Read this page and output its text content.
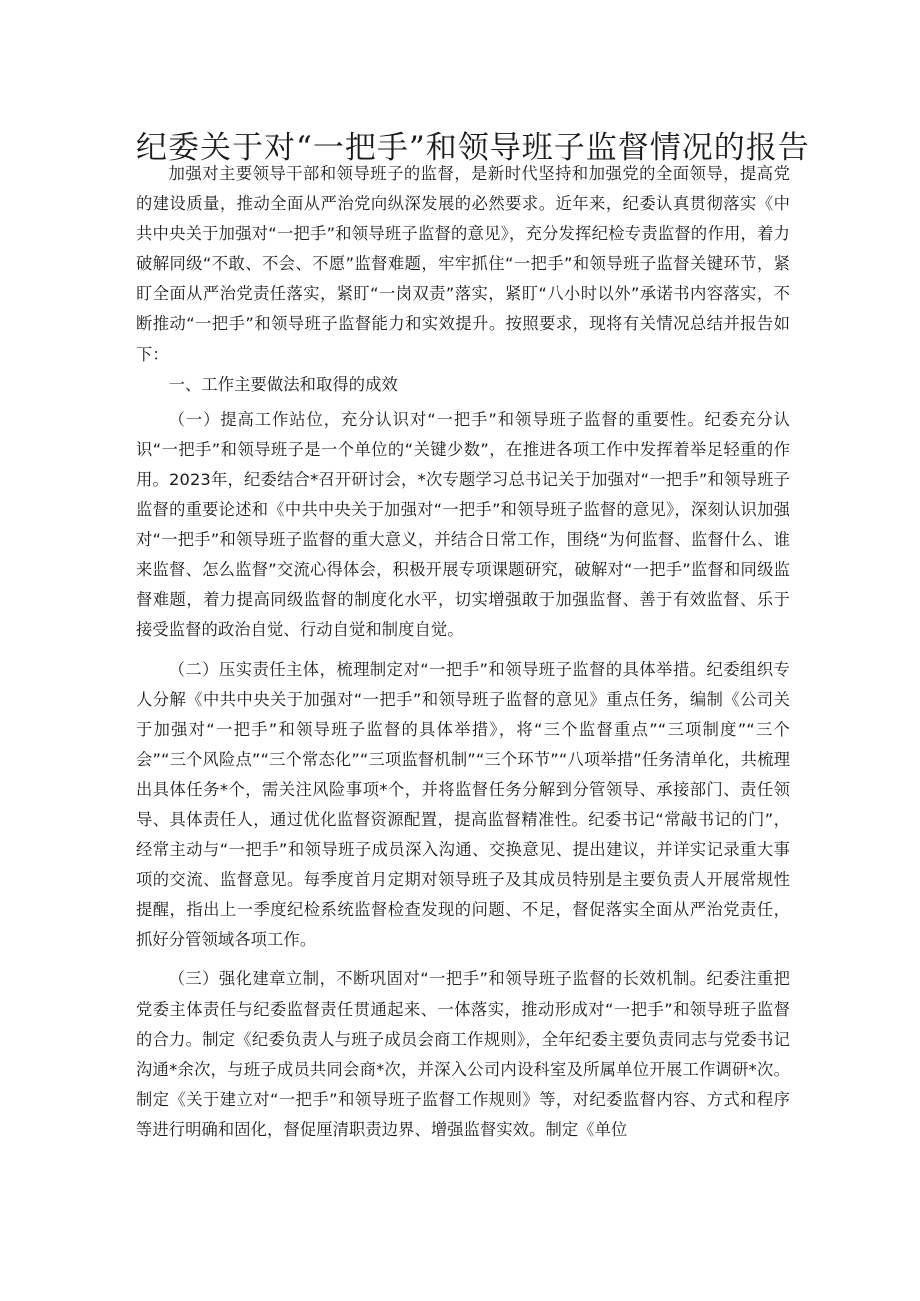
纪委关于对“一把手”和领导班子监督情况的报告

加强对主要领导干部和领导班子的监督，是新时代坚持和加强党的全面领导，提高党的建设质量，推动全面从严治党向纵深发展的必然要求。近年来，纪委认真贯彻落实《中共中央关于加强对“一把手”和领导班子监督的意见》，充分发挥纪检专责监督的作用，着力破解同级“不敢、不会、不愿”监督难题，牢牢抓住“一把手”和领导班子监督关键环节，紧盯全面从严治党责任落实，紧盯“一岗双责”落实，紧盯“八小时以外”承诺书内容落实，不断推动“一把手”和领导班子监督能力和实效提升。按照要求，现将有关情况总结并报告如下：

一、工作主要做法和取得的成效

（一）提高工作站位，充分认识对“一把手”和领导班子监督的重要性。纪委充分认识“一把手”和领导班子是一个单位的“关键少数”，在推进各项工作中发挥着举足轻重的作用。2023年，纪委结合*召开研讨会，*次专题学习总书记关于加强对“一把手”和领导班子监督的重要论述和《中共中央关于加强对“一把手”和领导班子监督的意见》，深刻认识加强对“一把手”和领导班子监督的重大意义，并结合日常工作，围绕“为何监督、监督什么、谁来监督、怎么监督”交流心得体会，积极开展专项课题研究，破解对“一把手”监督和同级监督难题，着力提高同级监督的制度化水平，切实增强敢于加强监督、善于有效监督、乐于接受监督的政治自觉、行动自觉和制度自觉。

（二）压实责任主体，梳理制定对“一把手”和领导班子监督的具体举措。纪委组织专人分解《中共中央关于加强对“一把手”和领导班子监督的意见》重点任务，编制《公司关于加强对“一把手”和领导班子监督的具体举措》，将“三个监督重点”“三项制度”“三个会”“三个风险点”“三个常态化”“三项监督机制”“三个环节”“八项举措”任务清单化，共梳理出具体任务*个，需关注风险事项*个，并将监督任务分解到分管领导、承接部门、责任领导、具体责任人，通过优化监督资源配置，提高监督精准性。纪委书记“常敲书记的门”，经常主动与“一把手”和领导班子成员深入沟通、交换意见、提出建议，并详实记录重大事项的交流、监督意见。每季度首月定期对领导班子及其成员特别是主要负责人开展常规性提醒，指出上一季度纪检系统监督检查发现的问题、不足，督促落实全面从严治党责任，抓好分管领域各项工作。

（三）强化建章立制，不断巩固对“一把手”和领导班子监督的长效机制。纪委注重把党委主体责任与纪委监督责任贯通起来、一体落实，推动形成对“一把手”和领导班子监督的合力。制定《纪委负责人与班子成员会商工作规则》，全年纪委主要负责同志与党委书记沟通*余次，与班子成员共同会商*次，并深入公司内设科室及所属单位开展工作调研*次。制定《关于建立对“一把手”和领导班子监督工作规则》等，对纪委监督内容、方式和程序等进行明确和固化，督促厘清职责边界、增强监督实效。制定《单位
